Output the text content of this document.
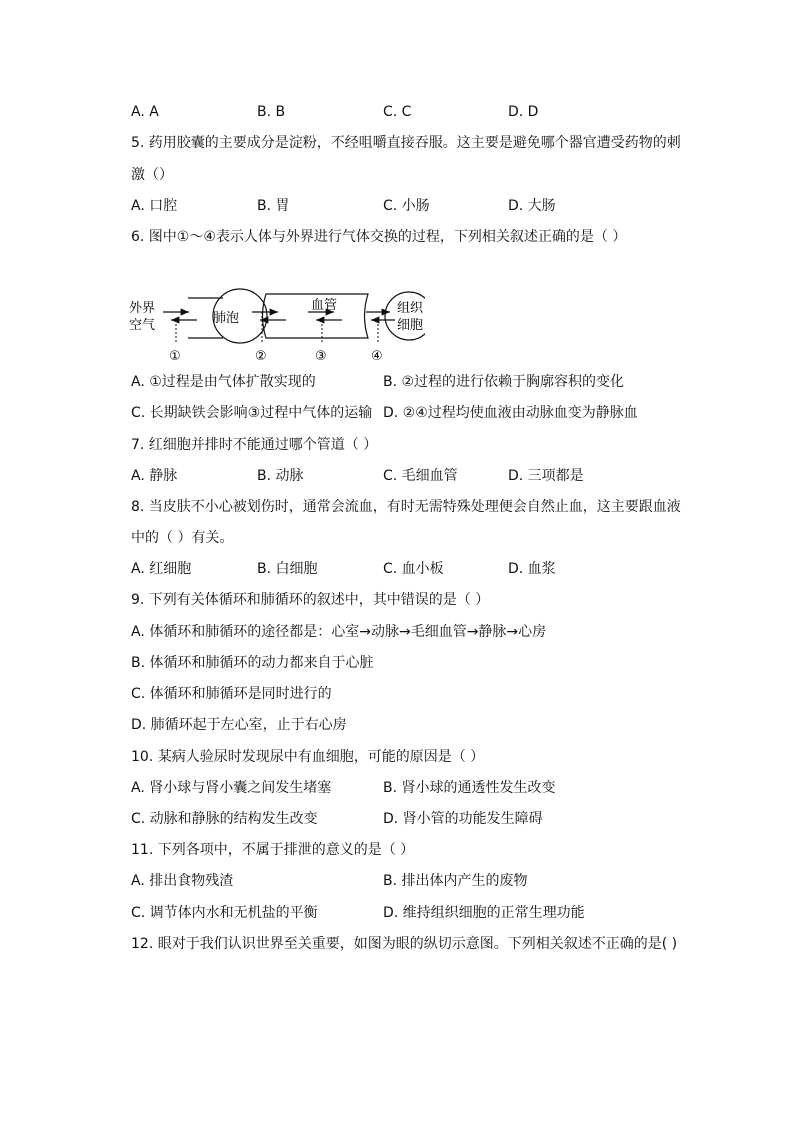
A. A	B. B	C. C	D. D
5. 药用胶囊的主要成分是淀粉，不经咀嚼直接吞服。这主要是避免哪个器官遭受药物的刺
激（）
A. 口腔	B. 胃	C. 小肠	D. 大肠
6. 图中①～④表示人体与外界进行气体交换的过程，下列相关叙述正确的是（ ）
外界
空气	肺泡
血管	组织
细胞
①	②	③	④
A. ①过程是由气体扩散实现的	B. ②过程的进行依赖于胸廓容积的变化
C. 长期缺铁会影响③过程中气体的运输 D. ②④过程均使血液由动脉血变为静脉血
7. 红细胞并排时不能通过哪个管道（ ）
A. 静脉	B. 动脉	C. 毛细血管	D. 三项都是
8. 当皮肤不小心被划伤时，通常会流血，有时无需特殊处理便会自然止血，这主要跟血液
中的（ ）有关。
A. 红细胞	B. 白细胞	C. 血小板	D. 血浆
9. 下列有关体循环和肺循环的叙述中，其中错误的是（ ）
A. 体循环和肺循环的途径都是：心室→动脉→毛细血管→静脉→心房
B. 体循环和肺循环的动力都来自于心脏
C. 体循环和肺循环是同时进行的
D. 肺循环起于左心室，止于右心房
10. 某病人验尿时发现尿中有血细胞，可能的原因是（ ）
A. 肾小球与肾小囊之间发生堵塞	B. 肾小球的通透性发生改变
C. 动脉和静脉的结构发生改变	D. 肾小管的功能发生障碍
11. 下列各项中，不属于排泄的意义的是（ ）
A. 排出食物残渣	B. 排出体内产生的废物
C. 调节体内水和无机盐的平衡	D. 维持组织细胞的正常生理功能
12. 眼对于我们认识世界至关重要，如图为眼的纵切示意图。下列相关叙述不正确的是( )
